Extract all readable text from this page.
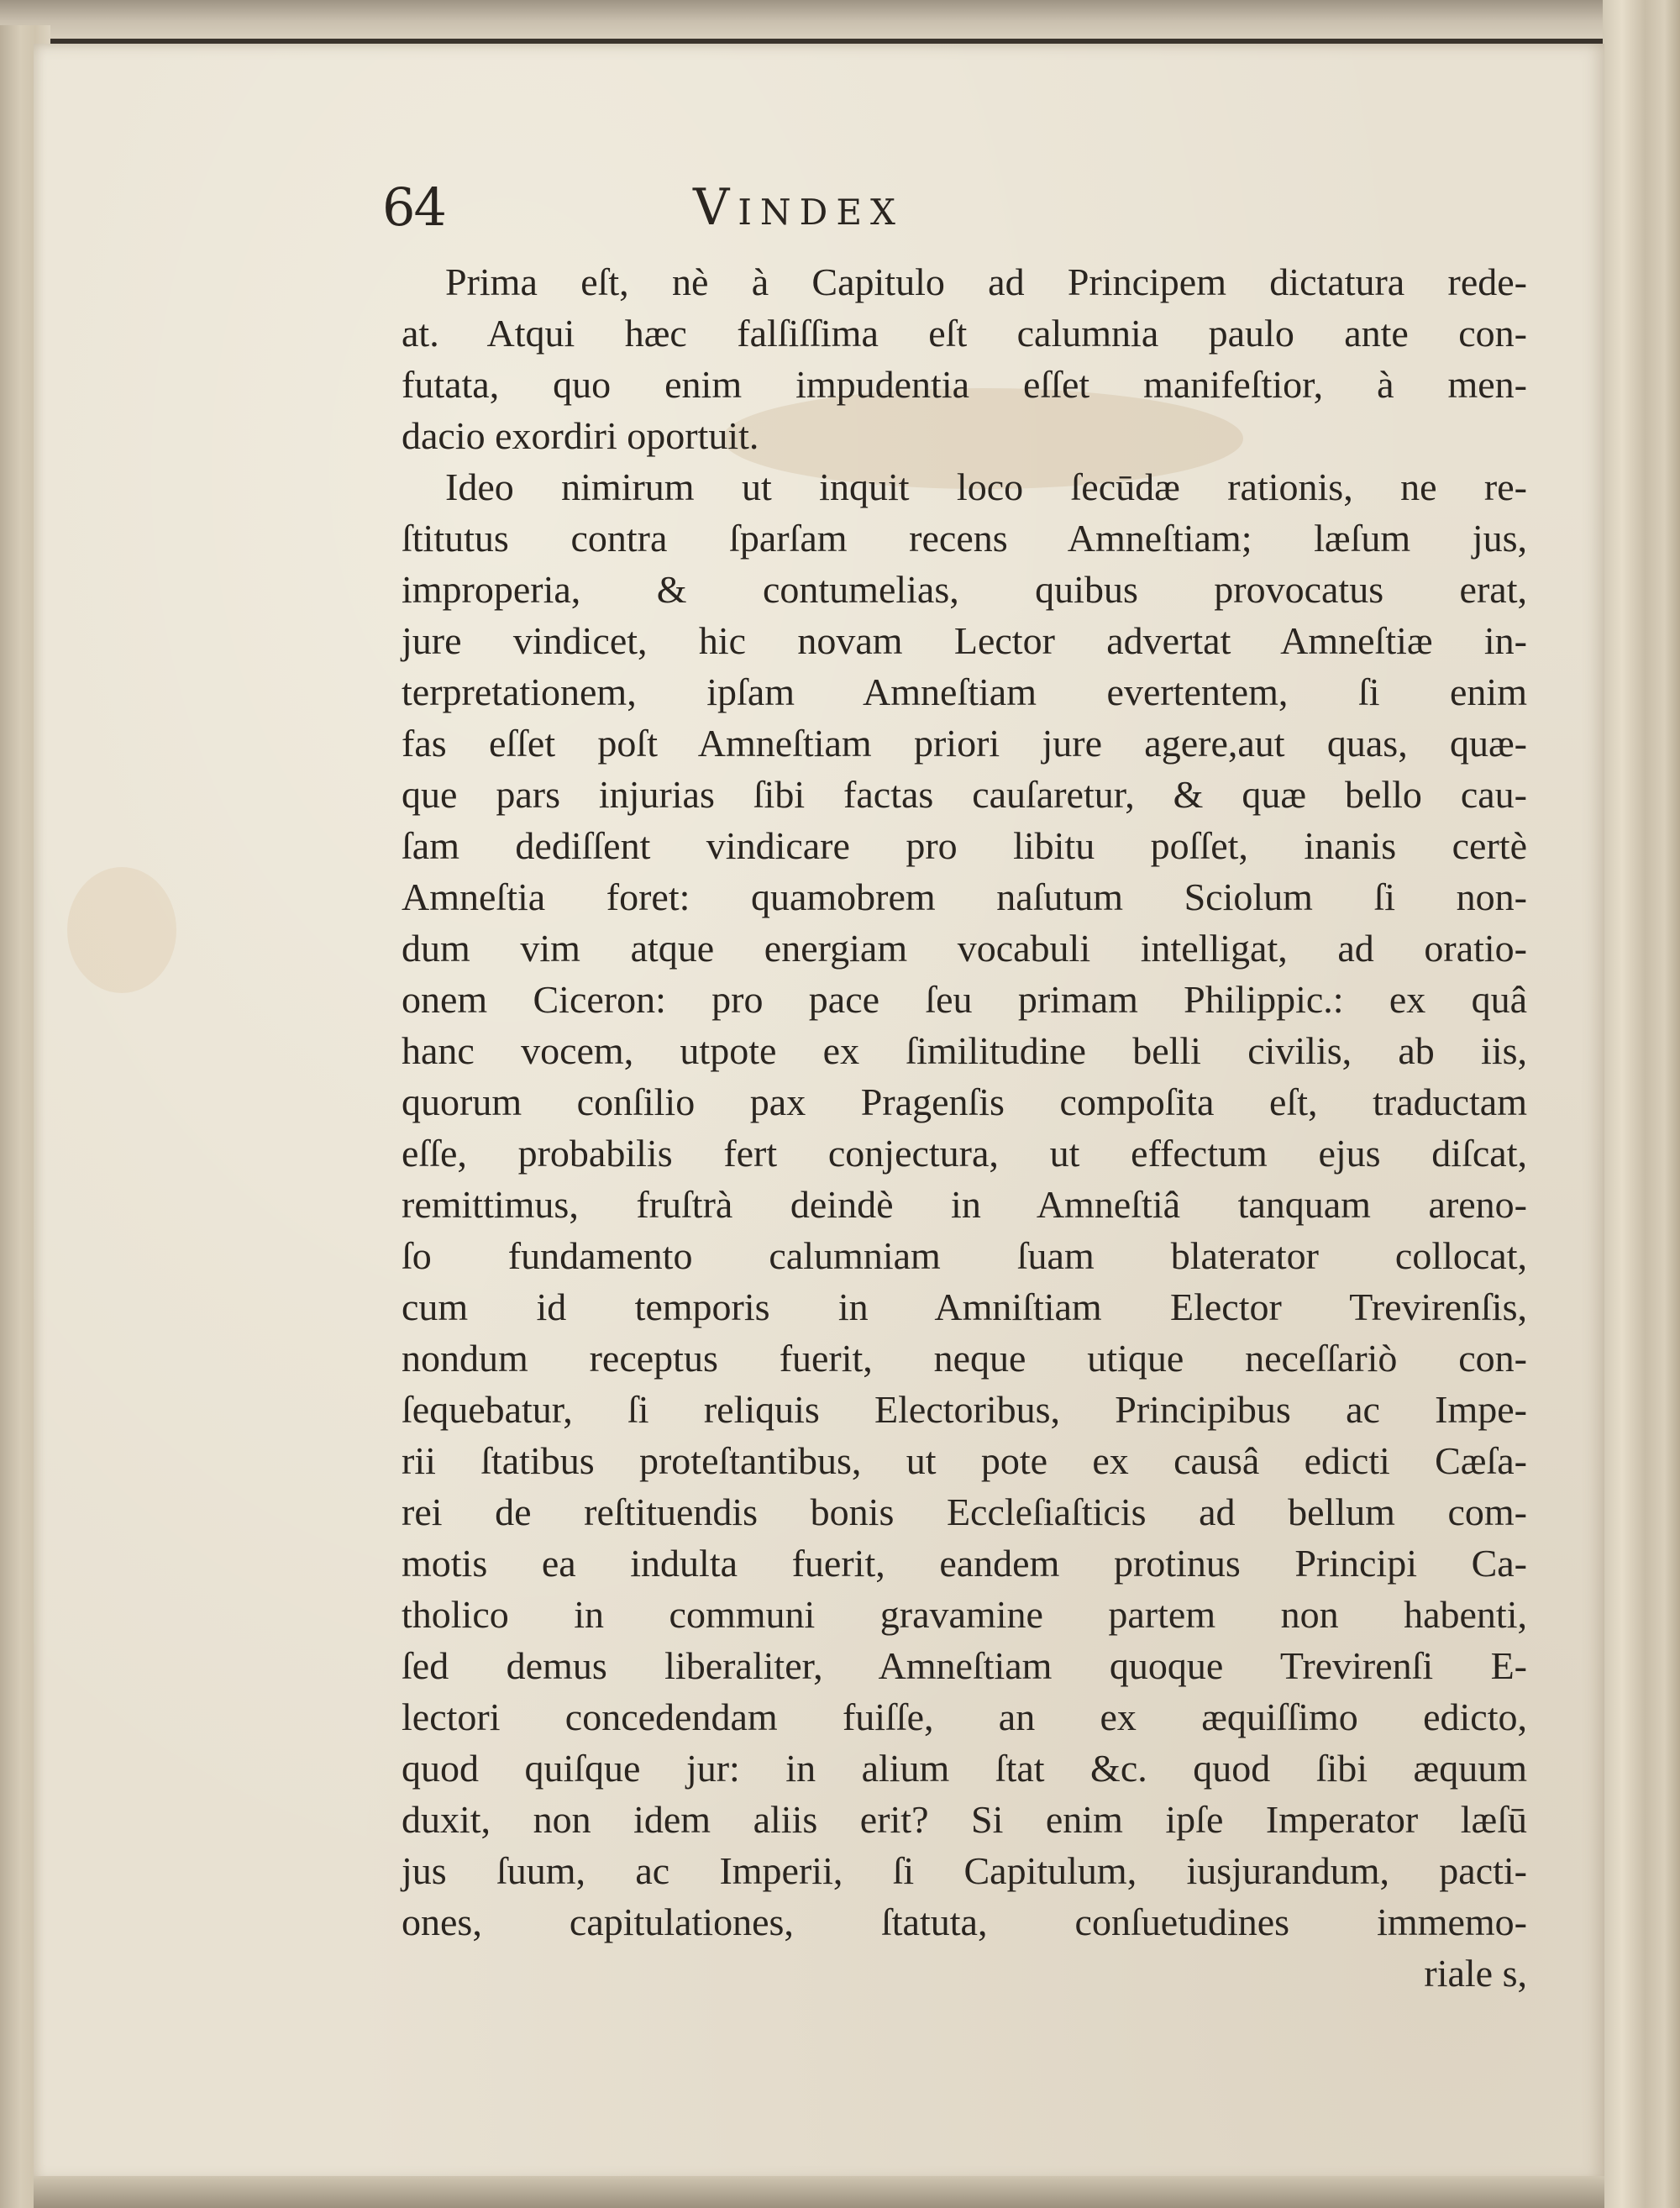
64	Vindex
Prima eſt, nè à Capitulo ad Principem dictatura rede-
at. Atqui hæc falſiſſima eſt calumnia paulo ante con-
futata, quo enim impudentia eſſet manifeſtior, à men-
dacio exordiri oportuit.
Ideo nimirum ut inquit loco ſecūdæ rationis, ne re-
ſtitutus contra ſparſam recens Amneſtiam; læſum jus,
improperia, & contumelias, quibus provocatus erat,
jure vindicet, hic novam Lector advertat Amneſtiæ in-
terpretationem, ipſam Amneſtiam evertentem, ſi enim
fas eſſet poſt Amneſtiam priori jure agere,aut quas, quæ-
que pars injurias ſibi factas cauſaretur, & quæ bello cau-
ſam dediſſent vindicare pro libitu poſſet, inanis certè
Amneſtia foret: quamobrem naſutum Sciolum ſi non-
dum vim atque energiam vocabuli intelligat, ad oratio-
onem Ciceron: pro pace ſeu primam Philippic.: ex quâ
hanc vocem, utpote ex ſimilitudine belli civilis, ab iis,
quorum conſilio pax Pragenſis compoſita eſt, traductam
eſſe, probabilis fert conjectura, ut effectum ejus diſcat,
remittimus, fruſtrà deindè in Amneſtiâ tanquam areno-
ſo fundamento calumniam ſuam blaterator collocat,
cum id temporis in Amniſtiam Elector Trevirenſis,
nondum receptus fuerit, neque utique neceſſariò con-
ſequebatur, ſi reliquis Electoribus, Principibus ac Impe-
rii ſtatibus proteſtantibus, ut pote ex causâ edicti Cæſa-
rei de reſtituendis bonis Eccleſiaſticis ad bellum com-
motis ea indulta fuerit, eandem protinus Principi Ca-
tholico in communi gravamine partem non habenti,
ſed demus liberaliter, Amneſtiam quoque Trevirenſi E-
lectori concedendam fuiſſe, an ex æquiſſimo edicto,
quod quiſque jur: in alium ſtat &c. quod ſibi æquum
duxit, non idem aliis erit? Si enim ipſe Imperator læſū
jus ſuum, ac Imperii, ſi Capitulum, iusjurandum, pacti-
ones, capitulationes, ſtatuta, conſuetudines immemo-
riale s,
